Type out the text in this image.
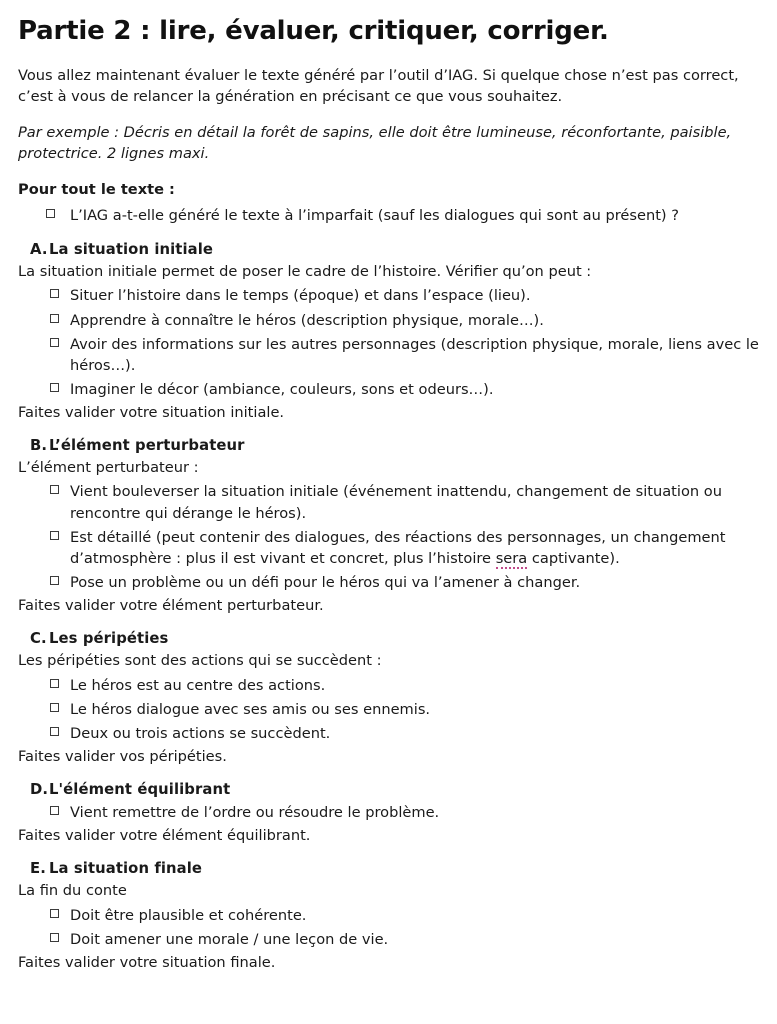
Partie 2 : lire, évaluer, critiquer, corriger.

Vous allez maintenant évaluer le texte généré par l’outil d’IAG. Si quelque chose n’est pas correct, c’est à vous de relancer la génération en précisant ce que vous souhaitez.

Par exemple : Décris en détail la forêt de sapins, elle doit être lumineuse, réconfortante, paisible, protectrice. 2 lignes maxi.

Pour tout le texte :
L’IAG a-t-elle généré le texte à l’imparfait (sauf les dialogues qui sont au présent) ?
A.La situation initiale

La situation initiale permet de poser le cadre de l’histoire. Vérifier qu’on peut :

Situer l’histoire dans le temps (époque) et dans l’espace (lieu).
Apprendre à connaître le héros (description physique, morale…).
Avoir des informations sur les autres personnages (description physique, morale, liens avec le héros…).
Imaginer le décor (ambiance, couleurs, sons et odeurs…).

Faites valider votre situation initiale.

B. L’élément perturbateur

L’élément perturbateur :

Vient bouleverser la situation initiale (événement inattendu, changement de situation ou rencontre qui dérange le héros).
Est détaillé (peut contenir des dialogues, des réactions des personnages, un changement d’atmosphère : plus il est vivant et concret, plus l’histoire sera captivante).
Pose un problème ou un défi pour le héros qui va l’amener à changer.

Faites valider votre élément perturbateur.

C. Les péripéties

Les péripéties sont des actions qui se succèdent :

Le héros est au centre des actions.
Le héros dialogue avec ses amis ou ses ennemis.
Deux ou trois actions se succèdent.

Faites valider vos péripéties.

D.L'élément équilibrant
Vient remettre de l’ordre ou résoudre le problème.

Faites valider votre élément équilibrant.

E. La situation finale

La fin du conte

Doit être plausible et cohérente.
Doit amener une morale / une leçon de vie.

Faites valider votre situation finale.
